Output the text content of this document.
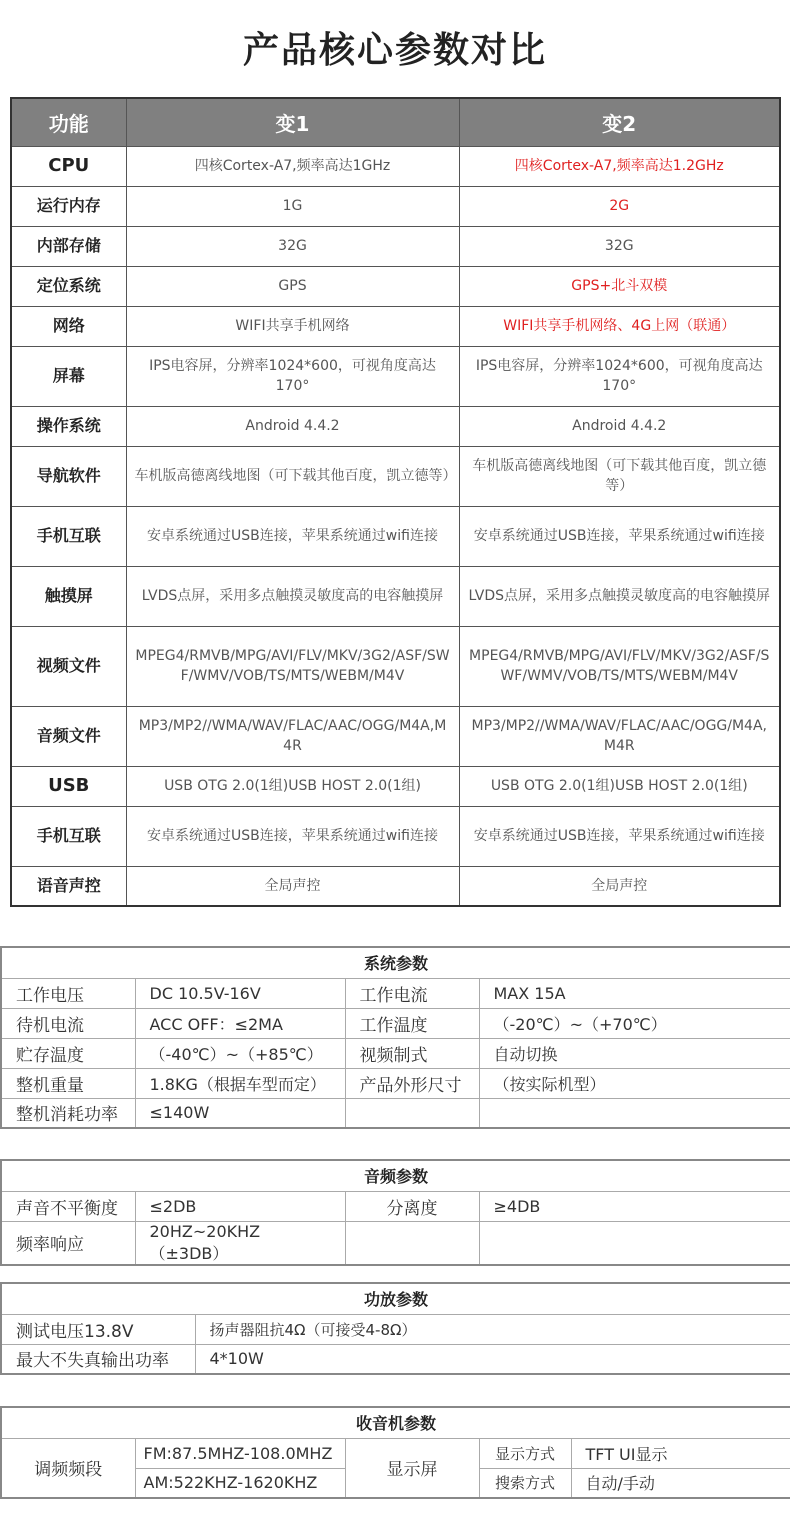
产品核心参数对比
功能	变1	变2
CPU	四核Cortex-A7,频率高达1GHz	四核Cortex-A7,频率高达1.2GHz
运行内存	1G	2G
内部存储	32G	32G
定位系统	GPS	GPS+北斗双模
网络	WIFI共享手机网络	WIFI共享手机网络、4G上网（联通）
屏幕	IPS电容屏，分辨率1024*600，可视角度高达170°	IPS电容屏，分辨率1024*600，可视角度高达170°
操作系统	Android 4.4.2	Android 4.4.2
导航软件	车机版高德离线地图（可下载其他百度，凯立德等）	车机版高德离线地图（可下载其他百度，凯立德等）
手机互联	安卓系统通过USB连接，苹果系统通过wifi连接	安卓系统通过USB连接，苹果系统通过wifi连接
触摸屏	LVDS点屏，采用多点触摸灵敏度高的电容触摸屏	LVDS点屏，采用多点触摸灵敏度高的电容触摸屏
视频文件	MPEG4/RMVB/MPG/AVI/FLV/MKV/3G2/ASF/SWF/WMV/VOB/TS/MTS/WEBM/M4V	MPEG4/RMVB/MPG/AVI/FLV/MKV/3G2/ASF/SWF/WMV/VOB/TS/MTS/WEBM/M4V
音频文件	MP3/MP2//WMA/WAV/FLAC/AAC/OGG/M4A,M4R	MP3/MP2//WMA/WAV/FLAC/AAC/OGG/M4A,M4R
USB	USB OTG 2.0(1组)USB HOST 2.0(1组)	USB OTG 2.0(1组)USB HOST 2.0(1组)
手机互联	安卓系统通过USB连接，苹果系统通过wifi连接	安卓系统通过USB连接，苹果系统通过wifi连接
语音声控	全局声控	全局声控
系统参数			
工作电压	DC 10.5V-16V	工作电流	MAX 15A
待机电流	ACC OFF：≤2MA	工作温度	（-20℃）~（+70℃）
贮存温度	（-40℃）~（+85℃）	视频制式	自动切换
整机重量	1.8KG（根据车型而定）	产品外形尺寸	（按实际机型）
整机消耗功率	≤140W		
音频参数			
声音不平衡度	≤2DB	分离度	≥4DB
频率响应	20HZ~20KHZ（±3DB）		
功放参数	
测试电压13.8V	扬声器阻抗4Ω（可接受4-8Ω）
最大不失真输出功率	4*10W
收音机参数				
调频频段	FM:87.5MHZ-108.0MHZ	显示屏	显示方式	TFT UI显示
	AM:522KHZ-1620KHZ		搜索方式	自动/手动
